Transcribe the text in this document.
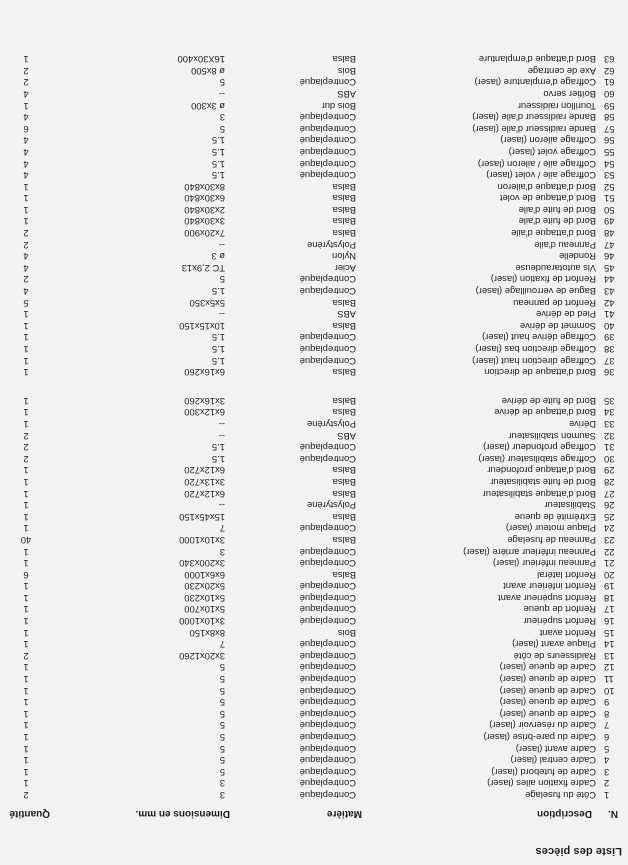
Liste des pièces
N.
Description
Matière
Dimensions en mm.
Quantité
1
Côté du fuselage
Contreplaqué
3
2
2
Cadre fixation ailes (laser)
Contreplaqué
3
1
3
Cadre de futebord (laser)
Contreplaqué
5
1
4
Cadre central (laser)
Contreplaqué
5
1
5
Cadre avant (laser)
Contreplaqué
5
1
6
Cadre du pare-brise (laser)
Contreplaqué
5
1
7
Cadre du réservoir (laser)
Contreplaqué
5
1
8
Cadre de queue (laser)
Contreplaqué
5
1
9
Cadre de queue (laser)
Contreplaqué
5
1
10
Cadre de queue (laser)
Contreplaqué
5
1
11
Cadre de queue (laser)
Contreplaqué
5
1
12
Cadre de queue (laser)
Contreplaqué
5
1
13
Raidisseurs de côté
Contreplaqué
3x20x1260
2
14
Plaque avant (laser)
Contreplaqué
7
1
15
Renfort avant
Bois
8x8x150
1
16
Renfort supérieur
Contreplaqué
3x10x1000
1
17
Renfort de queue
Contreplaqué
5x10x700
1
18
Renfort supérieur avant
Contreplaqué
5x10x230
1
19
Renfort inférieur avant
Contreplaqué
5x20x230
1
20
Renfort latéral
Balsa
6x6x1000
6
21
Panneau inférieur (laser)
Contreplaqué
3x200x340
1
22
Panneau inférieur arrière (laser)
Contreplaqué
3
1
23
Panneau de fuselage
Balsa
3x10x1000
40
24
Plaque moteur (laser)
Contreplaqué
7
1
25
Extrémité de queue
Balsa
15x45x150
1
26
Stabilisateur
Polystyrène
--
1
27
Bord d'attaque stabilisateur
Balsa
6x12x720
1
28
Bord de fuite stabilisateur
Balsa
3x13x720
1
29
Bord d'attaque profondeur
Balsa
6x12x720
1
30
Coffrage stabilisateur (laser)
Contreplaqué
1.5
2
31
Coffrage profondeur (laser)
Contreplaqué
1.5
2
32
Saumon stabilisateur
ABS
--
2
33
Dérive
Polystyrène
--
1
34
Bord d'attaque de dérive
Balsa
6x12x300
1
35
Bord de fuite de dérive
Balsa
3x16x260
1
36
Bord d'attaque de direction
Balsa
6x16x260
1
37
Coffrage direction haut (laser)
Contreplaqué
1.5
1
38
Coffrage direction bas (laser)
Contreplaqué
1.5
1
39
Coffrage dérive haut (laser)
Contreplaqué
1.5
1
40
Sommet de dérive
Balsa
10x15x150
1
41
Pied de dérive
ABS
--
1
42
Renfort de panneau
Balsa
5x5x350
5
43
Bague de verrouillage (laser)
Contreplaqué
1.5
4
44
Renfort de fixation (laser)
Contreplaqué
5
2
45
Vis autotaraudeuse
Acier
TC 2,9x13
4
46
Rondelle
Nylon
ø 3
4
47
Panneau d'aile
Polystyrène
--
2
48
Bord d'attaque d'aile
Balsa
7x20x900
2
49
Bord de fuite d'aile
Balsa
3x30x840
1
50
Bord de fuite d'aile
Balsa
2x30x840
1
51
Bord d'attaque de volet
Balsa
6x30x840
1
52
Bord d'attaque d'aileron
Balsa
8x30x840
1
53
Coffrage aile / volet (laser)
Contreplaqué
1.5
4
54
Coffrage aile / aileron (laser)
Contreplaqué
1.5
4
55
Coffrage volet (laser)
Contreplaqué
1.5
4
56
Coffrage aileron (laser)
Contreplaqué
1.5
4
57
Bande raidisseur d'aile (laser)
Contreplaqué
5
6
58
Bande raidisseur d'aile (laser)
Contreplaqué
3
4
59
Tourillon raidisseur
Bois dur
ø 3x300
1
60
Boîtier servo
ABS
--
4
61
Coffrage d'emplanture (laser)
Contreplaqué
5
2
62
Axe de centrage
Bois
ø 8x500
2
63
Bord d'attaque d'emplanture
Balsa
16X30x400
1
